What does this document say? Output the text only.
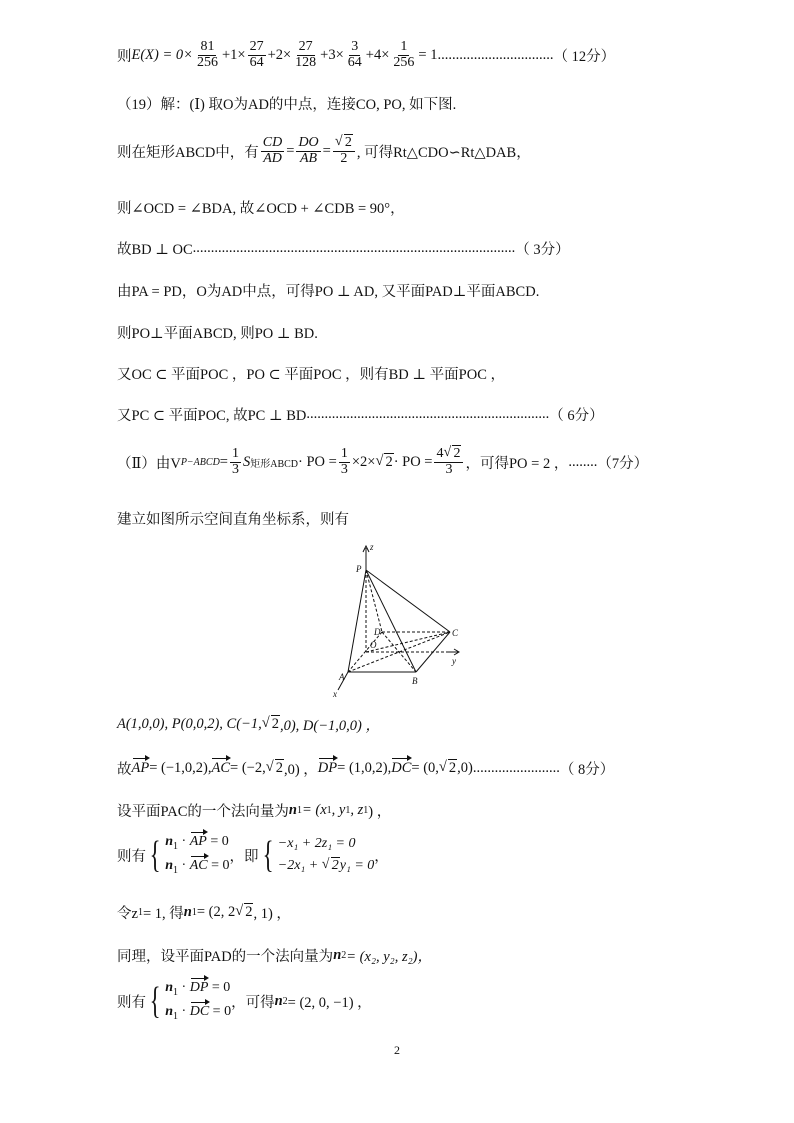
则 $E(X) = 0\times \frac{81}{256} +1\times \frac{27}{64} +2\times \frac{27}{128} +3\times \frac{3}{64} +4\times \frac{1}{256} = 1$. ............................... （ 12分）
（19）解：(Ⅰ) 取O为AD的中点，连接CO, PO, 如下图.
则在矩形ABCD中，有 $\frac{CD}{AD} = \frac{DO}{AB}$ = √ $\frac{2}{2}$ , 可得Rt△CDO∽Rt△DAB，
则∠OCD = ∠BDA, 故∠OCD + ∠CDB = 90°，
故BD ⊥ OC ......................................................................................... （ 3分）
由PA = PD，O为AD中点，可得PO ⊥ AD, 又平面PAD⊥平面ABCD.
则PO⊥平面ABCD, 则PO ⊥ BD.
又OC ⊂ 平面POC ，PO ⊂ 平面POC ，则有BD ⊥ 平面POC ，
又PC ⊂ 平面POC, 故PC ⊥ BD ................................................................... （ 6分）
（Ⅱ）由V P−ABCD = $\frac{1}{3}$ S 矩形ABCD · PO = $\frac{1}{3} \times 2\times$ √ 2 · PO = $\frac{4 √ 2}{3}$ ，可得PO = 2 ， ........ （7分）
建立如图所示空间直角坐标系，则有
z
P
D
O
C
y
A	B
x
A(1,0,0), P(0,0,2), C(−1, √ 2 ,0), D(−1,0,0) ，
故 AP = (−1,0,2), AC = (−2, √ 2 ,0) ， DP = (1,0,2), DC = (0, √ 2 ,0) ........................ （ 8分）
设平面PAC的一个法向量为 n 1 = (x 1 , y 1 , z 1 ) ，
则有 { $n_1$ · AP = 0
$n_1$ · AC = 0
，即 { −x₁ + 2z₁ = 0
−2x₁ + √ 2y₁ = 0
，
令z 1 = 1, 得 n 1 = (2, 2 √ 2 , 1) ，
同理，设平面PAD的一个法向量为 n 2 = (x₂, y₂, z₂)，
则有 { $n_1$ · DP = 0
$n_1$ · DC = 0
，可得 n 2 = (2, 0, −1) ，
2
